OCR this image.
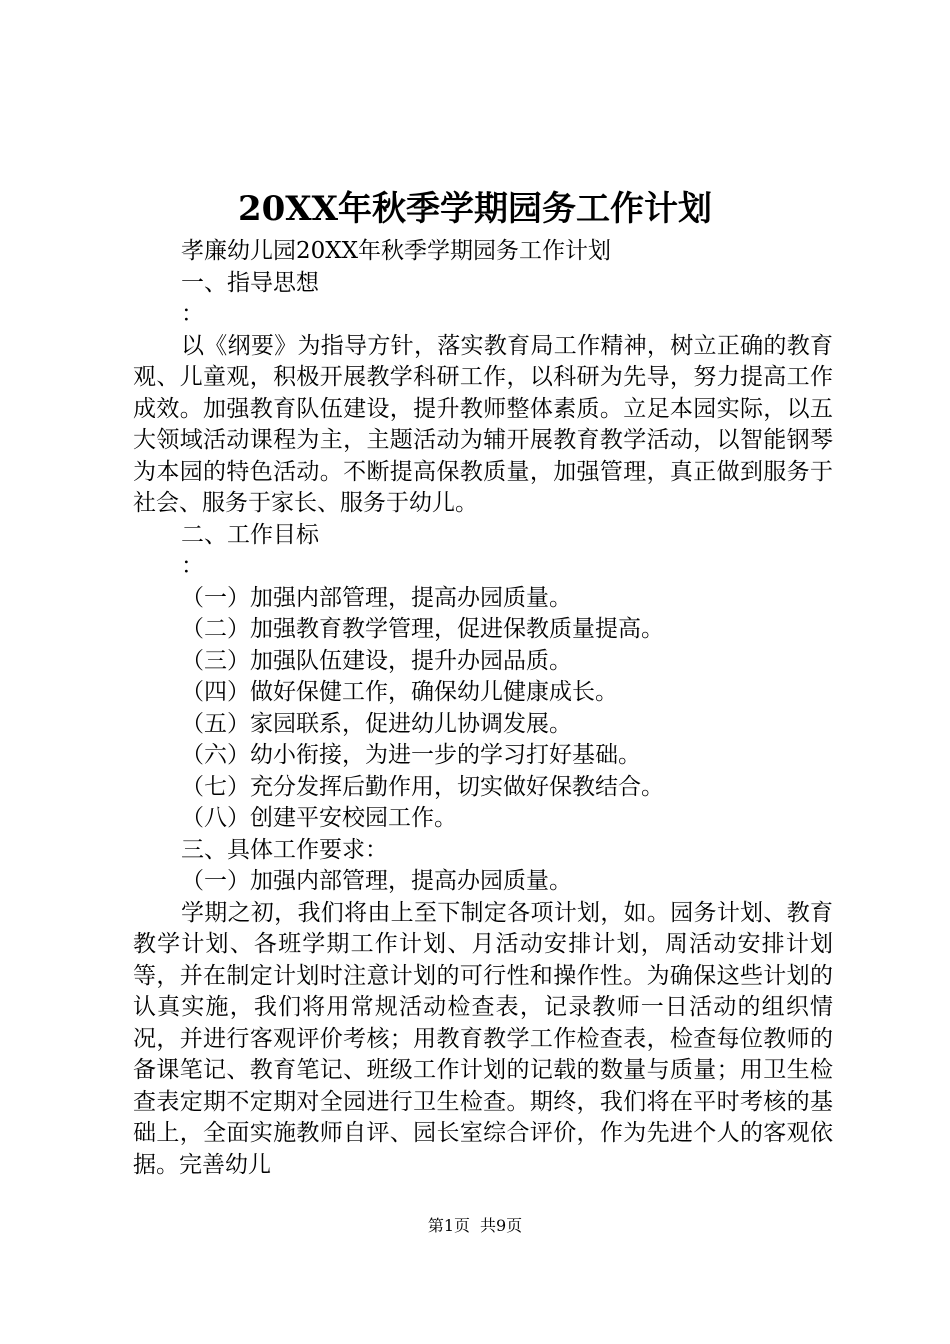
20XX年秋季学期园务工作计划

孝廉幼儿园20XX年秋季学期园务工作计划

一、指导思想

：

以《纲要》为指导方针，落实教育局工作精神，树立正确的教育观、儿童观，积极开展教学科研工作，以科研为先导，努力提高工作成效。加强教育队伍建设，提升教师整体素质。立足本园实际，以五大领域活动课程为主，主题活动为辅开展教育教学活动，以智能钢琴为本园的特色活动。不断提高保教质量，加强管理，真正做到服务于社会、服务于家长、服务于幼儿。

二、工作目标

：

（一）加强内部管理，提高办园质量。

（二）加强教育教学管理，促进保教质量提高。

（三）加强队伍建设，提升办园品质。

（四）做好保健工作，确保幼儿健康成长。

（五）家园联系，促进幼儿协调发展。

（六）幼小衔接，为进一步的学习打好基础。

（七）充分发挥后勤作用，切实做好保教结合。

（八）创建平安校园工作。

三、具体工作要求：

（一）加强内部管理，提高办园质量。

学期之初，我们将由上至下制定各项计划，如。园务计划、教育教学计划、各班学期工作计划、月活动安排计划，周活动安排计划等，并在制定计划时注意计划的可行性和操作性。为确保这些计划的认真实施，我们将用常规活动检查表，记录教师一日活动的组织情况，并进行客观评价考核；用教育教学工作检查表，检查每位教师的备课笔记、教育笔记、班级工作计划的记载的数量与质量；用卫生检查表定期不定期对全园进行卫生检查。期终，我们将在平时考核的基础上，全面实施教师自评、园长室综合评价，作为先进个人的客观依据。完善幼儿

第1页 共9页
